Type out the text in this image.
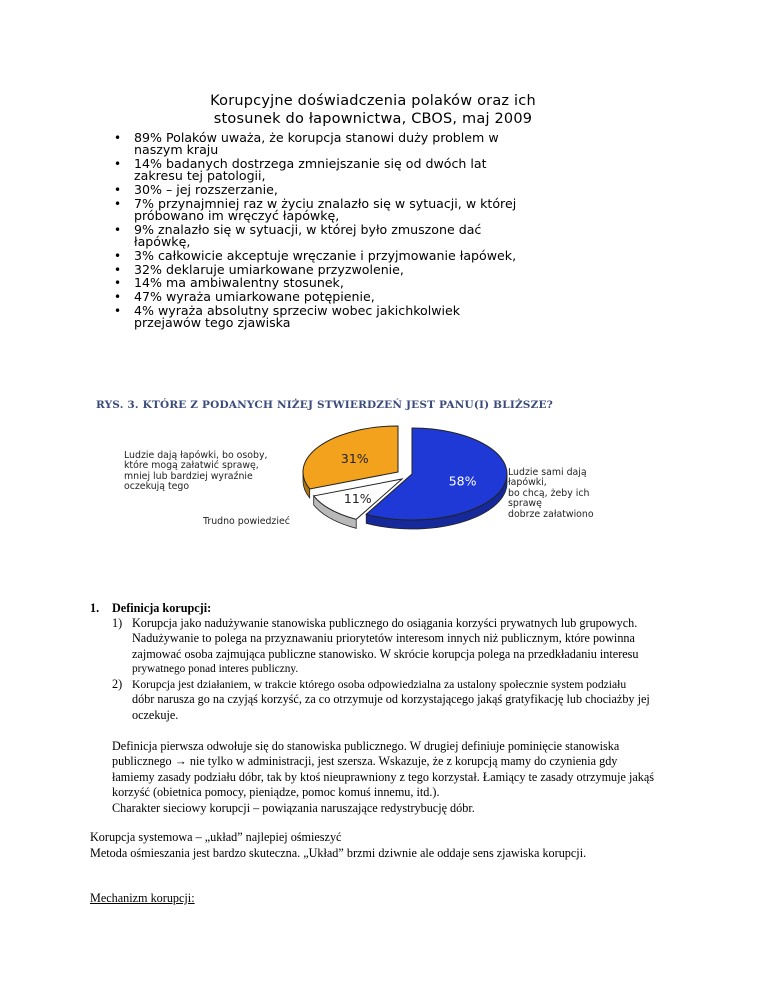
Korupcyjne doświadczenia polaków oraz ich
stosunek do łapownictwa, CBOS, maj 2009
• 89% Polaków uważa, że korupcja stanowi duży problem w
naszym kraju
• 14% badanych dostrzega zmniejszanie się od dwóch lat
zakresu tej patologii,
• 30% – jej rozszerzanie,
• 7% przynajmniej raz w życiu znalazło się w sytuacji, w której
próbowano im wręczyć łapówkę,
• 9% znalazło się w sytuacji, w której było zmuszone dać
łapówkę,
• 3% całkowicie akceptuje wręczanie i przyjmowanie łapówek,
• 32% deklaruje umiarkowane przyzwolenie,
• 14% ma ambiwalentny stosunek,
• 47% wyraża umiarkowane potępienie,
• 4% wyraża absolutny sprzeciw wobec jakichkolwiek
przejawów tego zjawiska
RYS. 3. KTÓRE Z PODANYCH NIŻEJ STWIERDZEŃ JEST PANU(I) BLIŻSZE?
58%
11%
31%
Ludzie sami dają łapówki,
bo chcą, żeby ich sprawę
dobrze załatwiono
Trudno powiedzieć
Ludzie dają łapówki, bo osoby,
które mogą załatwić sprawę,
mniej lub bardziej wyraźnie
oczekują tego
1.	Definicja korupcji:
1) Korupcja jako nadużywanie stanowiska publicznego do osiągania korzyści prywatnych lub grupowych.
Nadużywanie to polega na przyznawaniu priorytetów interesom innych niż publicznym, które powinna
zajmować osoba zajmująca publiczne stanowisko. W skrócie korupcja polega na przedkładaniu interesu
prywatnego ponad interes publiczny.
2) Korupcja jest działaniem, w trakcie którego osoba odpowiedzialna za ustalony społecznie system podziału
dóbr narusza go na czyjąś korzyść, za co otrzymuje od korzystającego jakąś gratyfikację lub chociażby jej
oczekuje.
Definicja pierwsza odwołuje się do stanowiska publicznego. W drugiej definiuje pominięcie stanowiska
publicznego → nie tylko w administracji, jest szersza. Wskazuje, że z korupcją mamy do czynienia gdy
łamiemy zasady podziału dóbr, tak by ktoś nieuprawniony z tego korzystał. Łamiący te zasady otrzymuje jakąś
korzyść (obietnica pomocy, pieniądze, pomoc komuś innemu, itd.).
Charakter sieciowy korupcji – powiązania naruszające redystrybucję dóbr.
Korupcja systemowa – „układ” najlepiej ośmieszyć
Metoda ośmieszania jest bardzo skuteczna. „Układ” brzmi dziwnie ale oddaje sens zjawiska korupcji.
Mechanizm korupcji:
